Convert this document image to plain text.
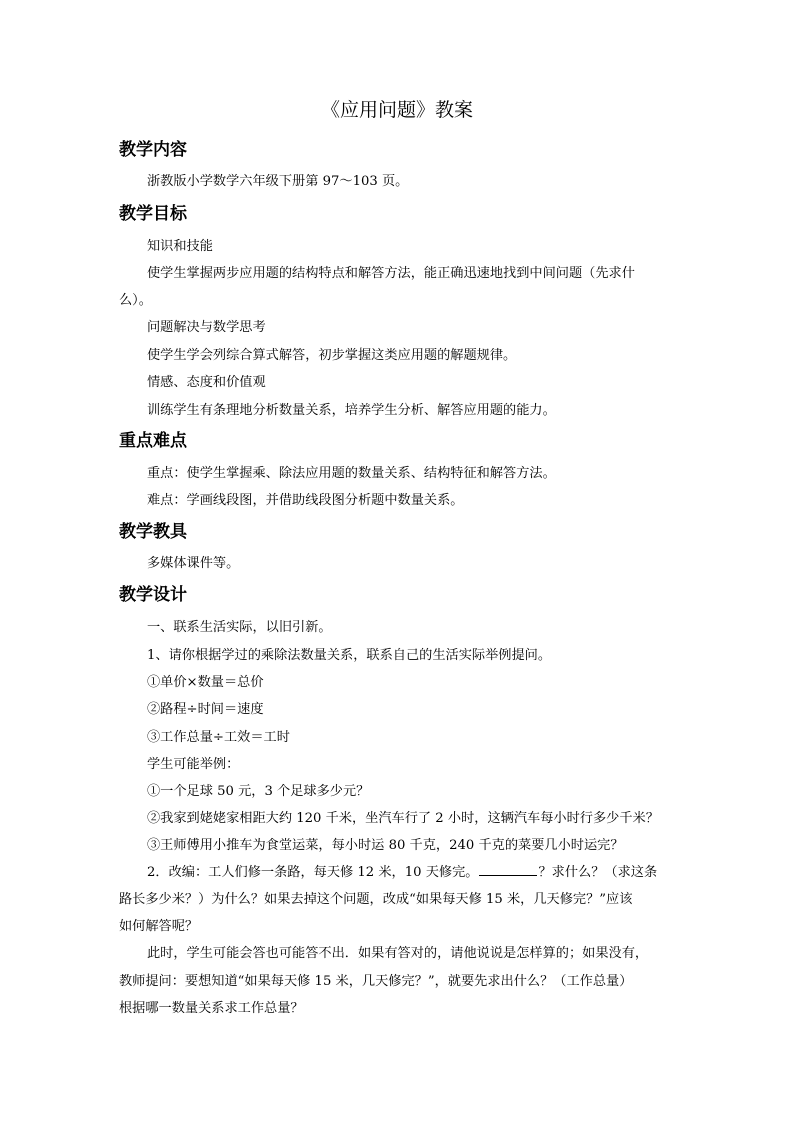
《应用问题》教案
教学内容

浙教版小学数学六年级下册第 97～103 页。

教学目标

知识和技能

使学生掌握两步应用题的结构特点和解答方法，能正确迅速地找到中间问题（先求什

么）。

问题解决与数学思考

使学生学会列综合算式解答，初步掌握这类应用题的解题规律。

情感、态度和价值观

训练学生有条理地分析数量关系，培养学生分析、解答应用题的能力。

重点难点

重点：使学生掌握乘、除法应用题的数量关系、结构特征和解答方法。

难点：学画线段图，并借助线段图分析题中数量关系。

教学教具

多媒体课件等。

教学设计

一、联系生活实际，以旧引新。

1、请你根据学过的乘除法数量关系，联系自己的生活实际举例提问。

①单价×数量＝总价

②路程÷时间＝速度

③工作总量÷工效＝工时

学生可能举例：

①一个足球 50 元，3 个足球多少元？

②我家到姥姥家相距大约 120 千米，坐汽车行了 2 小时，这辆汽车每小时行多少千米？

③王师傅用小推车为食堂运菜，每小时运 80 千克，240 千克的菜要几小时运完？

2．改编：工人们修一条路，每天修 12 米，10 天修完。	？求什么？（求这条

路长多少米？）为什么？如果去掉这个问题，改成“如果每天修 15 米，几天修完？”应该

如何解答呢？

此时，学生可能会答也可能答不出．如果有答对的，请他说说是怎样算的；如果没有，

教师提问：要想知道“如果每天修 15 米，几天修完？”，就要先求出什么？（工作总量）

根据哪一数量关系求工作总量？
